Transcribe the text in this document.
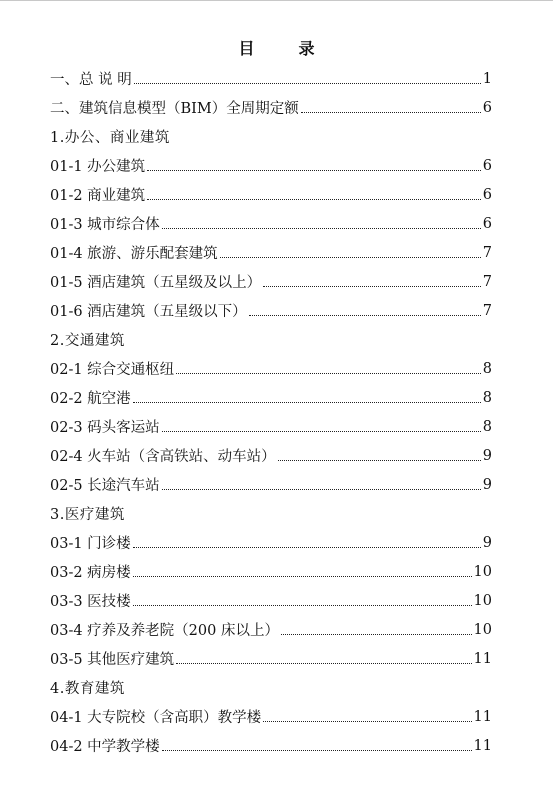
目　录
一、总 说 明	1
二、建筑信息模型（BIM）全周期定额	6
1.办公、商业建筑
01-1 办公建筑	6
01-2 商业建筑	6
01-3 城市综合体	6
01-4 旅游、游乐配套建筑	7
01-5 酒店建筑（五星级及以上）	7
01-6 酒店建筑（五星级以下）	7
2.交通建筑
02-1 综合交通枢纽	8
02-2 航空港	8
02-3 码头客运站	8
02-4 火车站（含高铁站、动车站）	9
02-5 长途汽车站	9
3.医疗建筑
03-1 门诊楼	9
03-2 病房楼	10
03-3 医技楼	10
03-4 疗养及养老院（200 床以上）	10
03-5 其他医疗建筑	11
4.教育建筑
04-1 大专院校（含高职）教学楼	11
04-2 中学教学楼	11
